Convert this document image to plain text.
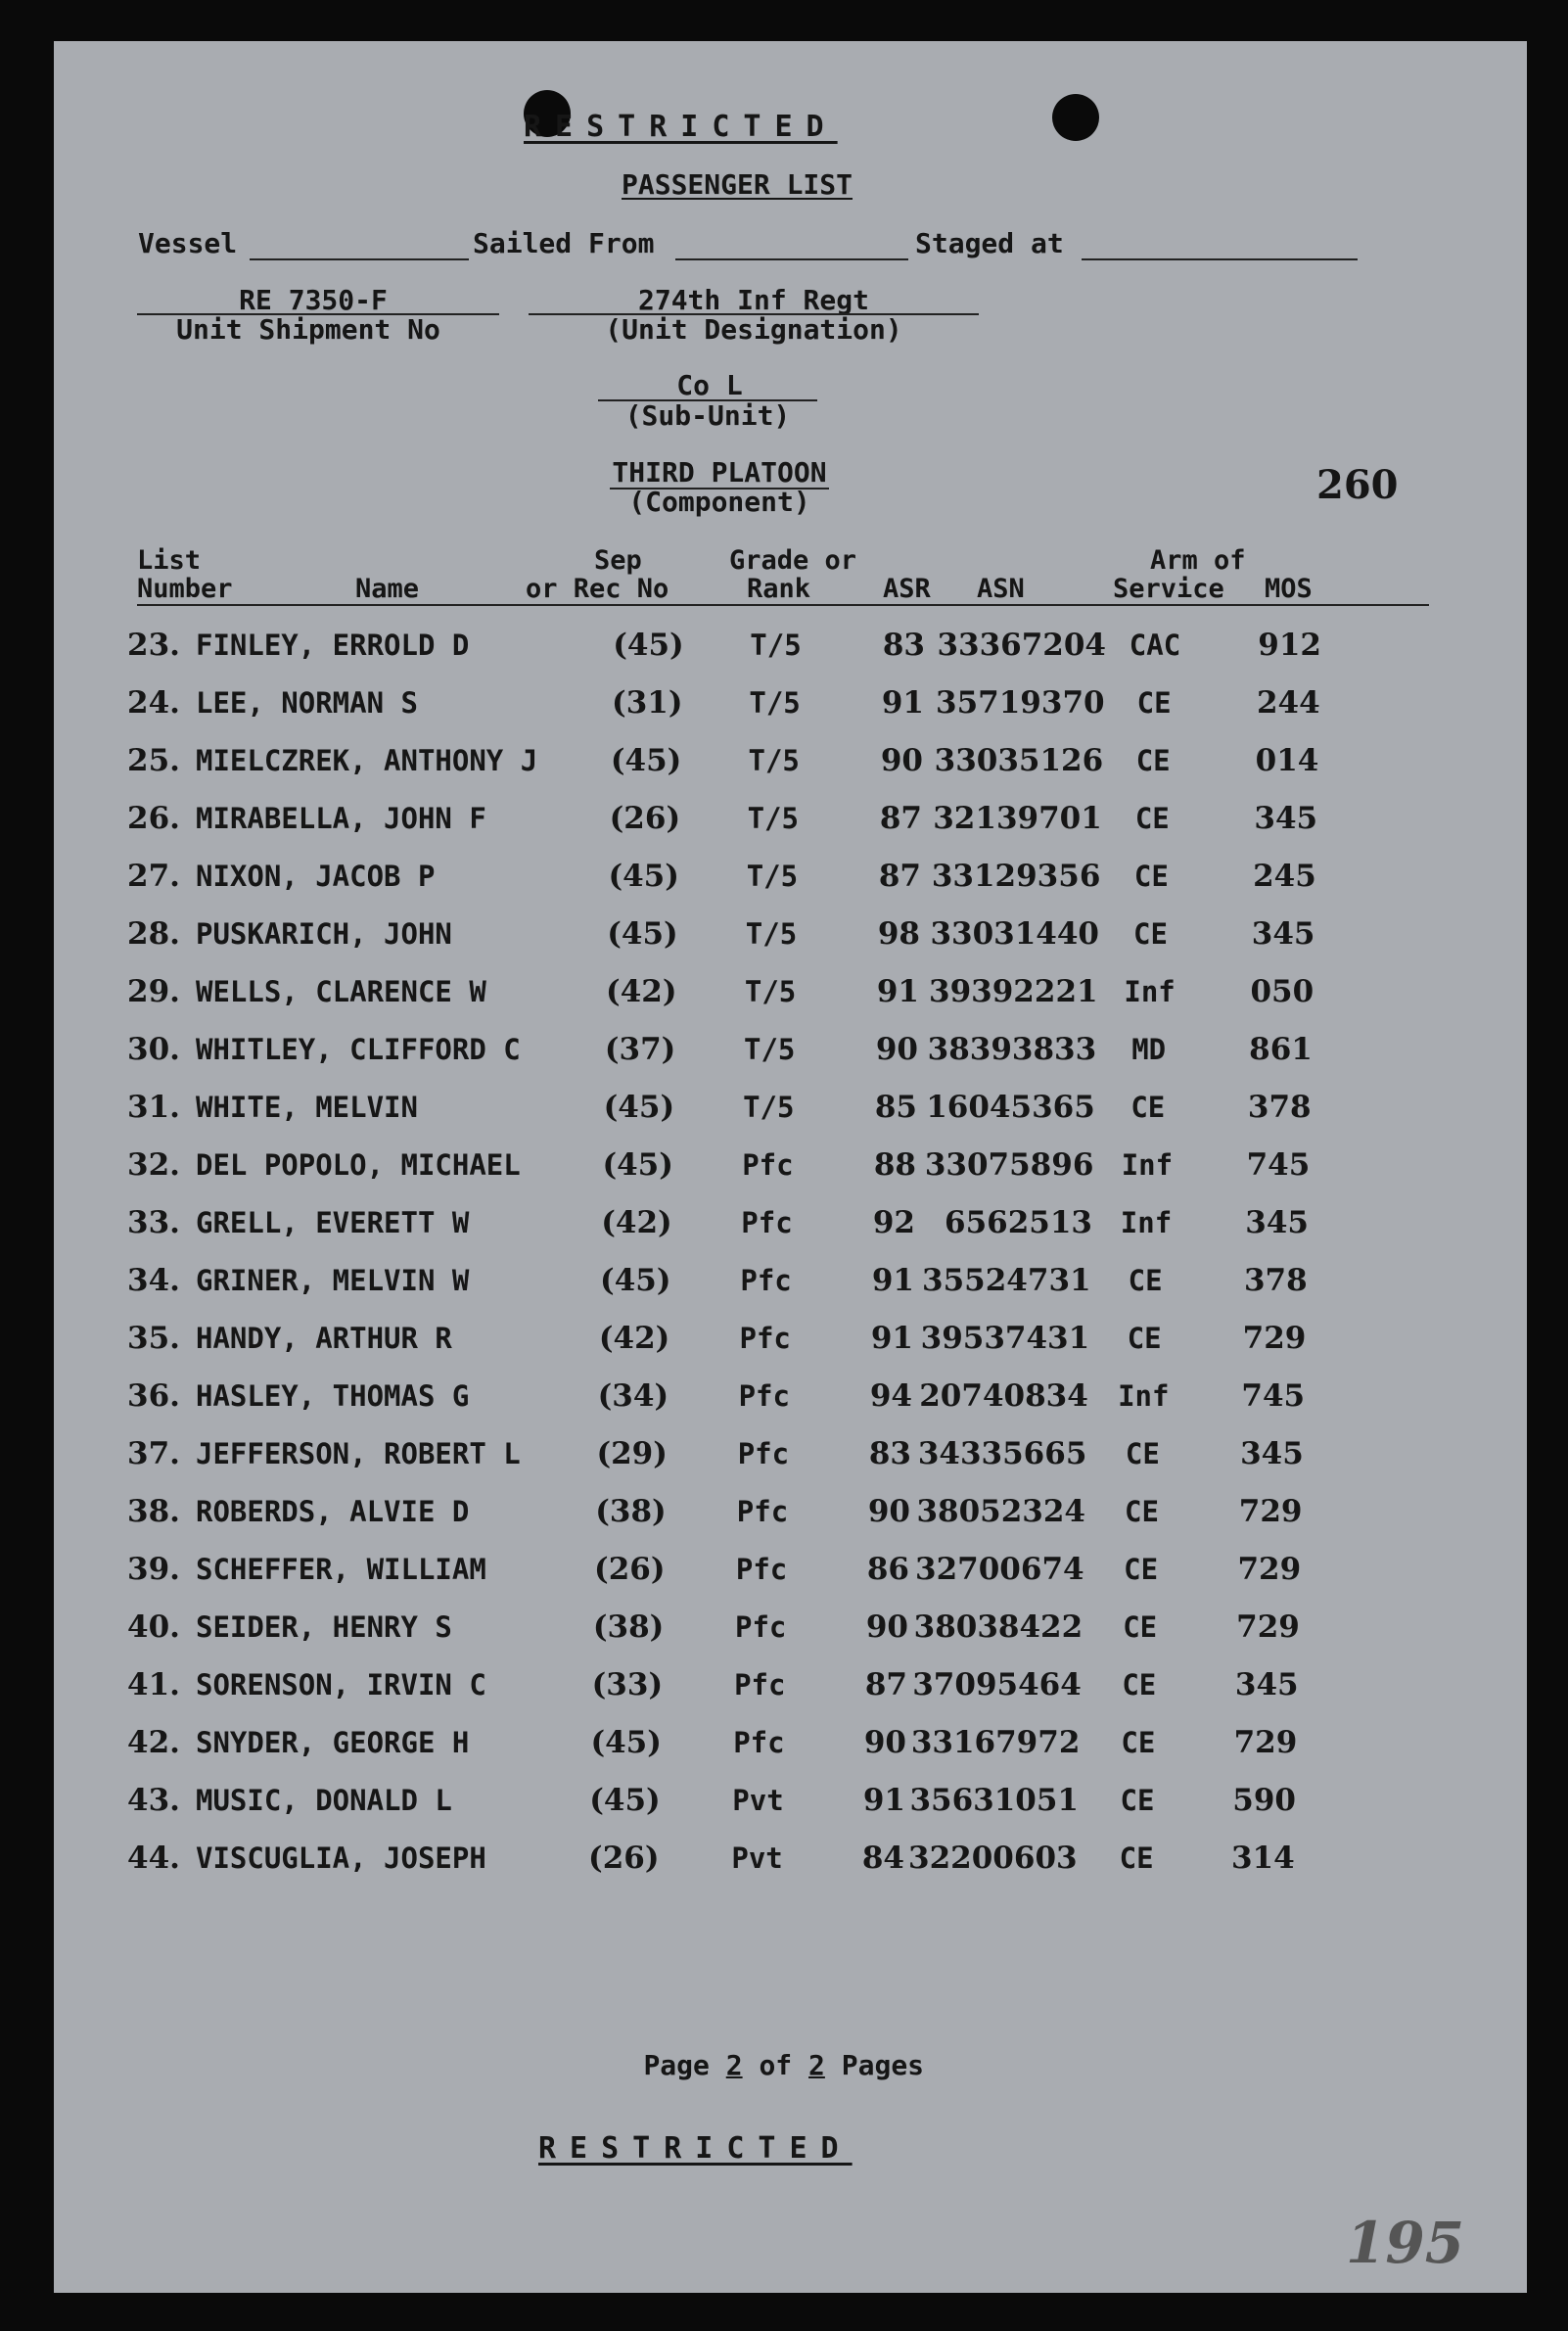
RESTRICTED
PASSENGER LIST
Vessel	Sailed From	Staged at
RE 7350-F
Unit Shipment No
274th Inf Regt
(Unit Designation)
Co L
(Sub-Unit)
THIRD PLATOON
(Component)	260
List
Number	Name
Sep
or Rec No
Grade or
Rank	ASR ASN
Arm of
Service MOS
23. FINLEY, ERROLD D	(45)	T/5	83 33367204 CAC	912
24. LEE, NORMAN S	(31)	T/5	91 35719370	CE	244
25. MIELCZREK, ANTHONY J	(45)	T/5	90 33035126	CE	014
26. MIRABELLA, JOHN F	(26)	T/5	87 32139701	CE	345
27. NIXON, JACOB P	(45)	T/5	87 33129356	CE	245
28. PUSKARICH, JOHN	(45)	T/5	98 33031440	CE	345
29. WELLS, CLARENCE W	(42)	T/5	91 39392221 Inf	050
30. WHITLEY, CLIFFORD C	(37)	T/5	90 38393833	MD	861
31. WHITE, MELVIN	(45)	T/5	85 16045365	CE	378
32. DEL POPOLO, MICHAEL	(45)	Pfc	88 33075896 Inf	745
33. GRELL, EVERETT W	(42)	Pfc	92 6562513 Inf	345
34. GRINER, MELVIN W	(45)	Pfc	91 35524731	CE	378
35. HANDY, ARTHUR R	(42)	Pfc	91 39537431	CE	729
36. HASLEY, THOMAS G	(34)	Pfc	94 20740834	Inf	745
37. JEFFERSON, ROBERT L	(29)	Pfc	83 34335665	CE	345
38. ROBERDS, ALVIE D	(38)	Pfc	90 38052324	CE	729
39. SCHEFFER, WILLIAM	(26)	Pfc	86 32700674	CE	729
40. SEIDER, HENRY S	(38)	Pfc	90 38038422	CE	729
41. SORENSON, IRVIN C	(33)	Pfc	87 37095464	CE	345
42. SNYDER, GEORGE H	(45)	Pfc	90 33167972	CE	729
43. MUSIC, DONALD L	(45)	Pvt	91 35631051	CE	590
44. VISCUGLIA, JOSEPH	(26)	Pvt	84 32200603	CE	314

Page 2 of 2 Pages

RESTRICTED
195
